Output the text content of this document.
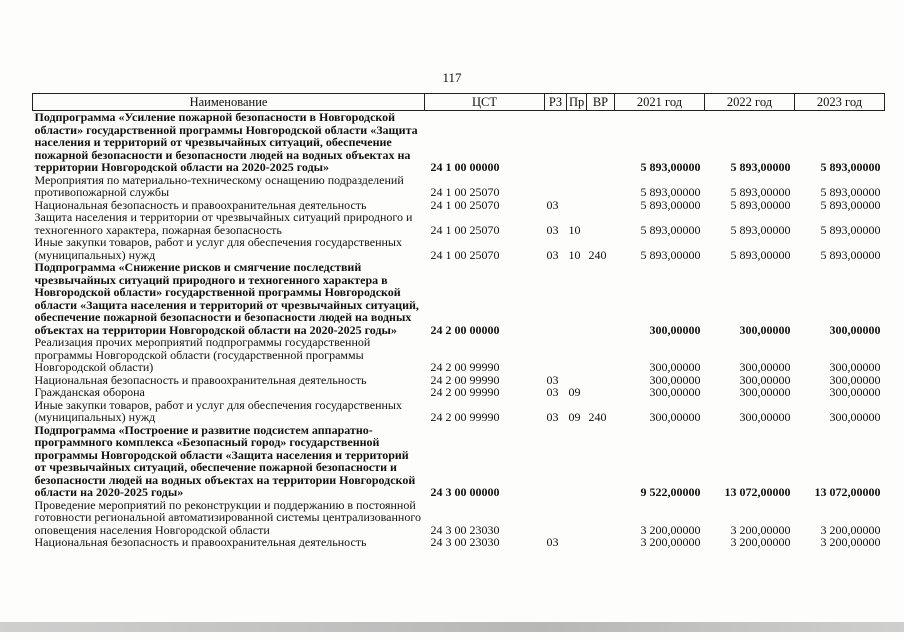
117
Наименование	ЦСТ	РЗ	Пр	ВР	2021 год	2022 год	2023 год
Подпрограмма «Усиление пожарной безопасности в Новгородской области» государственной программы Новгородской области «Защита населения и территорий от чрезвычайных ситуаций, обеспечение пожарной безопасности и безопасности людей на водных объектах на территории Новгородской области на 2020-2025 годы»	24 1 00 00000				5 893,00000	5 893,00000	5 893,00000
Мероприятия по материально-техническому оснащению подразделений противопожарной службы	24 1 00 25070				5 893,00000	5 893,00000	5 893,00000
Национальная безопасность и правоохранительная деятельность	24 1 00 25070	03			5 893,00000	5 893,00000	5 893,00000
Защита населения и территории от чрезвычайных ситуаций природного и техногенного характера, пожарная безопасность	24 1 00 25070	03	10		5 893,00000	5 893,00000	5 893,00000
Иные закупки товаров, работ и услуг для обеспечения государственных (муниципальных) нужд	24 1 00 25070	03	10	240	5 893,00000	5 893,00000	5 893,00000
Подпрограмма «Снижение рисков и смягчение последствий чрезвычайных ситуаций природного и техногенного характера в Новгородской области» государственной программы Новгородской области «Защита населения и территорий от чрезвычайных ситуаций, обеспечение пожарной безопасности и безопасности людей на водных объектах на территории Новгородской области на 2020-2025 годы»	24 2 00 00000				300,00000	300,00000	300,00000
Реализация прочих мероприятий подпрограммы государственной программы Новгородской области (государственной программы Новгородской области)	24 2 00 99990				300,00000	300,00000	300,00000
Национальная безопасность и правоохранительная деятельность	24 2 00 99990	03			300,00000	300,00000	300,00000
Гражданская оборона	24 2 00 99990	03	09		300,00000	300,00000	300,00000
Иные закупки товаров, работ и услуг для обеспечения государственных (муниципальных) нужд	24 2 00 99990	03	09	240	300,00000	300,00000	300,00000
Подпрограмма «Построение и развитие подсистем аппаратно-программного комплекса «Безопасный город» государственной программы Новгородской области «Защита населения и территорий от чрезвычайных ситуаций, обеспечение пожарной безопасности и безопасности людей на водных объектах на территории Новгородской области на 2020-2025 годы»	24 3 00 00000				9 522,00000	13 072,00000	13 072,00000
Проведение мероприятий по реконструкции и поддержанию в постоянной готовности региональной автоматизированной системы централизованного оповещения населения Новгородской области	24 3 00 23030				3 200,00000	3 200,00000	3 200,00000
Национальная безопасность и правоохранительная деятельность	24 3 00 23030	03			3 200,00000	3 200,00000	3 200,00000
